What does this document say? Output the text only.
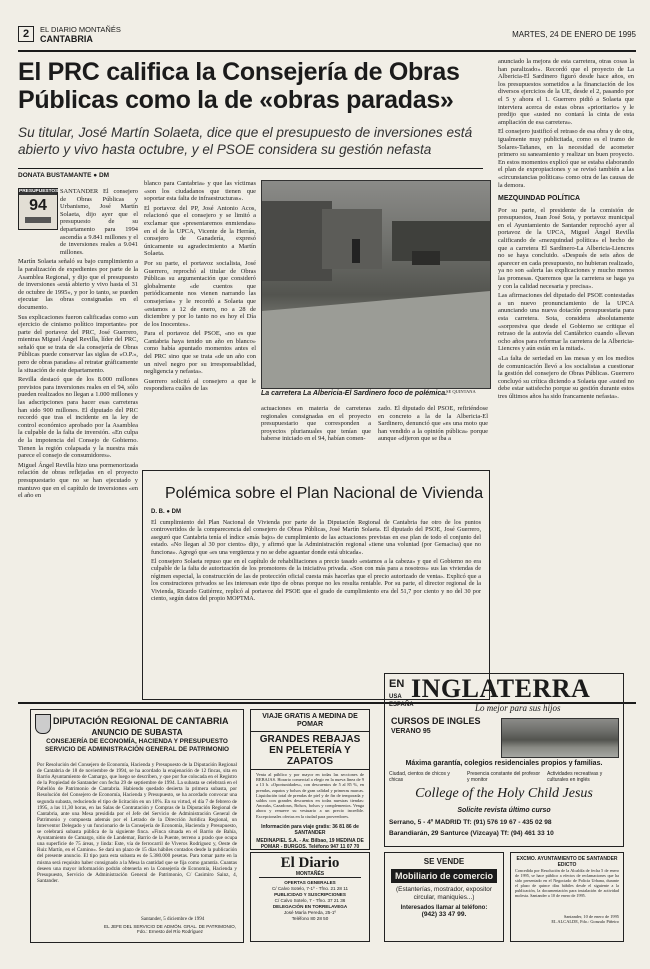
2	EL DIARIO MONTAÑÉS
CANTABRIA	MARTES, 24 DE ENERO DE 1995
El PRC califica la Consejería de Obras Públicas como la de «obras paradas»
Su titular, José Martín Solaeta, dice que el presupuesto de inversiones está abierto y vivo hasta octubre, y el PSOE considera su gestión nefasta
DONATA BUSTAMANTE ● DM
PRESUPUESTOS
94

SANTANDER El consejero de Obras Públicas y Urbanismo, José Martín Solaeta, dijo ayer que el presupuesto de su departamento para 1994 ascendía a 9.841 millones y el de inversiones reales a 9.041 millones.

Martín Solaeta señaló su bajo cumplimiento a la paralización de expedientes por parte de la Asamblea Regional, y dijo que el presupuesto de inversiones «está abierto y vivo hasta el 31 de octubre de 1995», y por lo tanto, se pueden ejecutar las obras consignadas en el documento.

Sus explicaciones fueron calificadas como «un ejercicio de cinismo político importante» por parte del portavoz del PRC, José Guerrero, mientras Miguel Ángel Revilla, líder del PRC, señaló que se trata de «la consejería de Obras Públicas puede conservar las siglas de «O.P.», pero de obras paradas» al retratar gráficamente la situación de este departamento.

Revilla destacó que de los 8.000 millones previstos para inversiones reales en el 94, sólo pueden realizados no llegan a 1.000 millones y las adscripciones para hacer esas carreteras han sido 900 millones. El diputado del PRC recordó que tras el incidente en la ley de control económico aprobado por la Asamblea la culpable de la falta de inversión. «En culpa de la impotencia del Consejo de Gobierno. Tienen la región colapsada y la nuestra más parece el consejo de consumidores».

Miguel Ángel Revilla hizo una pormenorizada relación de obras reflejadas en el proyecto presupuestario que no se han ejecutado y mantuvo que en el capítulo de inversiones «en el año en

blanco para Cantabria» y que las víctimas «son los ciudadanos que tienen que soportar esta falta de infraestructuras».

El portavoz del PP, José Antonio Acos, relacionó que el consejero y se limitó a exclamar que «presentaremos enmiendas» en el de la UPCA, Vicente de la Herrán, consejero de Ganadería, expresó únicamente su agradecimiento a Martín Solaeta.

Por su parte, el portavoz socialista, José Guerrero, reprochó al titular de Obras Públicas su argumentación que consideró globalmente «de cuentos que periódicamente nos vienen narrando las consejerías» y le recordó a Solaeta que «estamos a 12 de enero, no a 28 de diciembre y por lo tanto no es hoy el Día de los Inocentes».

Para el portavoz del PSOE, «no es que Cantabria haya tenido un año en blanco» como había apuntado momentos antes el del PRC sino que se trata «de un año con un nivel negro por su irresponsabilidad, negligencia y nefasta».

Guerrero solicitó al consejero a que le respondiera cuáles de las	SE QUINTANA
La carretera La Albericia-El Sardinero foco de polémica.
actuaciones en materia de carreteras regionales consignadas en el proyecto presupuestario que corresponden a proyectos plurianuales que tenían que haberse iniciado en el 94, habían comen-
zado. El diputado del PSOE, refiriéndose en concreto a la de la Albericia-El Sardinero, denunció que «es una moto que han vendido a la opinión pública» porque aunque «dijeron que se iba a

anunciado la mejora de esta carretera, otras cosas la han paralizado». Recordó que el proyecto de La Albericia-El Sardinero figuró desde hace años, en los presupuestos sometidos a la financiación de los diversos ejercicios de la UE, desde el 2, pasando por el 5 y ahora el 1. Guerrero pidió a Solaeta que interviera acerca de estas obras «prioritario» y le predijo que «usted no contará la cinta de esta ampliación de esa carretera».

El consejero justificó el retraso de esa obra y de otra, igualmente muy publicitada, como es el tramo de Solares-Tañanes, en la necesidad de acometer primero su saneamiento y realizar un buen proyecto. En estos momentos explicó que se estaba elaborando el plan de expropiaciones y se revisó también a las «circunstancias políticas» como otra de las causas de la demora.

MEZQUINDAD POLÍTICA

Por su parte, el presidente de la comisión de presupuestos, Juan José Sota, y portavoz municipal en el Ayuntamiento de Santander reprochó ayer al portavoz de la UPCA, Miguel Ángel Revilla calificando de «mezquindad política» el hecho de que a carretera El Sardinero-La Albericia-Liencres no se haya concluido. «Después de seis años de aparecer en cada presupuesto, no hubieran realizado, ya no son «alerta las explicaciones y mucho menos las promesas. Queremos que la carretera se haga ya y con la calidad necesaria y precisa».

Las afirmaciones del diputado del PSOE contestadas a un nuevo pronunciamiento de la UPCA anunciando una nueva dotación presupuestaria para esta carretera. Sota, considera absolutamente «sorpresiva que desde el Gobierno se critique el retraso de la autovía del Cantábrico cuando «llevan ocho años para reformar la carretera de la Albericia-Liencres y aún están en la mitad».

«La falta de seriedad en las mesas y en los medios de comunicación llevó a los socialistas a cuestionar la gestión del consejero de Obras Públicas. Guerrero concluyó su crítica diciendo a Solaeta que «usted no debe estar satisfecho porque su gestión durante estos tres últimos años ha sido francamente nefasta».

Polémica sobre el Plan Nacional de Vivienda
D. B. ● DM

El cumplimiento del Plan Nacional de Vivienda por parte de la Diputación Regional de Cantabria fue otro de los puntos controvertidos de la comparecencia del consejero de Obras Públicas, José Martín Solaeta. El diputado del PSOE, José Guerrero, aseguró que Cantabria tenía el índice «más bajo» de cumplimiento de las actuaciones previstas en ese plan de todo el conjunto del estado. «No llegan al 30 por ciento» dijo, y afirmó que la Administración regional «tiene una voluntad (por Gemacisa) que no funciona». Agregó que «es una vergüenza y no se debe aguantar donde está ubicada».

El consejero Solaeta repuso que en el capítulo de rehabilitaciones a precio tasado «estamos a la cabeza» y que el Gobierno no era culpable de la falta de autorización de los promotores de la iniciativa privada. «Son con más para a nosotros» sus las viviendas de régimen especial, la construcción de las de protección oficial cuesta más hacerlas que el precio autorizado de venta». Explicó que a los constructores privados se les interesan este tipo de obras porque no les resulta rentable. Por su parte, el director regional de la Vivienda, Ricardo Gutiérrez, replicó al portavoz del PSOE que el grado de cumplimiento era del 51,7 por ciento y no del 30 por ciento, según datos del propio MOPTMA.

DIPUTACIÓN REGIONAL DE CANTABRIA
ANUNCIO DE SUBASTA
CONSEJERÍA DE ECONOMÍA, HACIENDA Y PRESUPUESTO SERVICIO DE ADMINISTRACIÓN GENERAL DE PATRIMONIO
Por Resolución del Consejero de Economía, Hacienda y Presupuesto de la Diputación Regional de Cantabria de 18 de noviembre de 1994, se ha acordado la enajenación de 12 fincas, sita en Barrio Ayuntamiento de Camargo, que luego se describen, y que por fue colocada en el Registro de la Propiedad de Santander con fecha 29 de septiembre de 1994. La subasta se celebrará en el Pabellón de Patrimonio de Cantabria. Habiendo quedado desierta la primera subasta, por Resolución del Consejero de Economía, Hacienda y Presupuesto, se ha acordado convocar una segunda subasta, reduciendo el tipo de licitación en un 10%. En su virtud, el día 7 de febrero de 1995, a las 11,30 horas, en las Salas de Contratación y Compras de la Diputación Regional de Cantabria, ante una Mesa presidida por el Jefe del Servicio de Administración General de Patrimonio y compuesta además por el Letrado de la Dirección Jurídica Regional, un Interventor Delegado y un funcionario de la Consejería de Economía, Hacienda y Presupuesto, se celebrará subasta pública de la siguiente finca. «Finca situada en el Barrio de Bahía, Ayuntamiento de Camargo, sitio de Landemar, Barrio de la Puente, terreno a prado que ocupa una superficie de 75 áreas, y linda: Este, vía de ferrocarril de Viveros Rodríguez y, Oeste de Ruiz Martín, en el Camino». Se dará un plazo de 15 días hábiles contados desde la publicación del presente anuncio. El tipo para esta subasta es de 5.380.000 pesetas. Para tomar parte en la misma será requisito haber consignado a la Mesa la cantidad que se fija como garantía. Cuantas deseen una mayor información podrán obtenerla en la Consejería de Economía, Hacienda y Presupuesto, Servicio de Administración General de Patrimonio, C/ Casimiro Sainz, 4, Santander.
Santander, 5 diciembre de 1994
EL JEFE DEL SERVICIO DE ADMÓN. GRAL. DE PATRIMONIO, Fdo.: Ernesto del Río Rodríguez
VIAJE GRATIS A MEDINA DE POMAR
GRANDES REBAJAS EN PELETERÍA Y ZAPATOS
Venta al público y por mayor en todas las secciones de REBAJAS. Horario comercial a elegir en la nueva línea de 9 a 13 h. «Oportunidades», con descuentos de 5 al 85 %, en prendas, zapatos y bolsos de gran calidad y primeras marcas. Liquidación total de prendas de piel y de fin de temporada y saldos con grandes descuentos en todas nuestras tiendas: Anoraks, Cazadoras, Bolsos, bolsos y complementos. Venga ahora y renueve su vestuario a un precio increíble. Excepcionales ofertas en la ciudad para proveedores.
Información para viaje gratis: 36 81 86 de SANTANDER
MEDINAPIEL S.A. - Av. Bilbao, 19 MEDINA DE POMAR - BURGOS. Teléfono 947 11 07 70
EN INGLATERRA
USA
ESPAÑA	Lo mejor para sus hijos
CURSOS DE INGLES
VERANO 95
Máxima garantía, colegios residenciales propios y familias.
Ciudad, cientos de chicos y chicas
Presencia constante del profesor y monitor
Actividades recreativas y culturales en inglés
College of the Holy Child Jesus
Solicite revista último curso
Serrano, 5 - 4º MADRID Tf: (91) 576 19 67 - 435 02 98
Barandiarán, 29 Santurce (Vizcaya) Tf: (94) 461 33 10
El Diario
MONTAÑÉS
OFERTAS GENERALES
C/ Calvo Sotelo, 7-1º - Tfno. 21 28 11
PUBLICIDAD Y SUSCRIPCIONES
C/ Calvo Sotelo, 7 - Tfno. 37 21 36
DELEGACIÓN EN TORRELAVEGA
José María Pereda, 25-1º
Teléfono 80 28 50
SE VENDE
Mobiliario de comercio
(Estanterías, mostrador, expositor circular, maniquíes...)
Interesados llamar al teléfono:
(942) 33 47 99.
EXCMO. AYUNTAMIENTO DE SANTANDER
EDICTO
Concedida por Resolución de la Alcaldía de fecha 5 de enero de 1995, se hace público a efectos de reclamaciones que ha sido presentado en el Negociado de Policía Urbana, durante el plazo de quince días hábiles desde el siguiente a la publicación, la documentación para instalación de actividad molesta. Santander a 10 de enero de 1995.
Santander, 10 de enero de 1995
EL ALCALDE, Fdo.: Gonzalo Piñeiro
